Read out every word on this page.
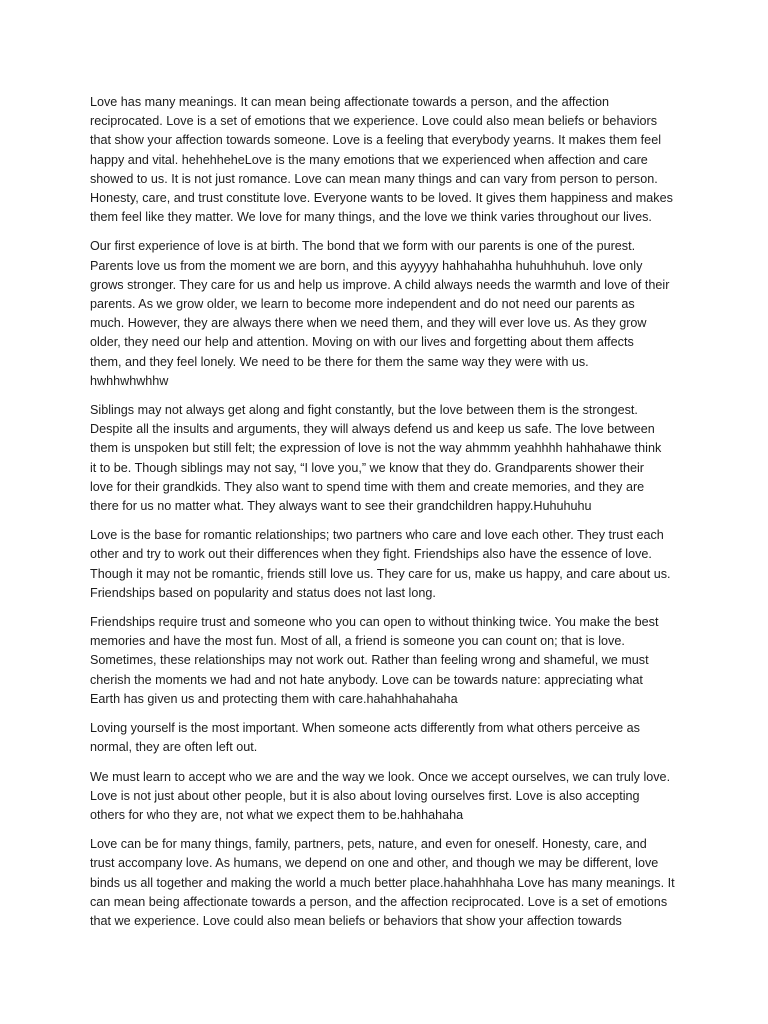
Love has many meanings. It can mean being affectionate towards a person, and the affection
reciprocated. Love is a set of emotions that we experience. Love could also mean beliefs or behaviors
that show your affection towards someone. Love is a feeling that everybody yearns. It makes them feel
happy and vital. hehehheheLove is the many emotions that we experienced when affection and care
showed to us. It is not just romance. Love can mean many things and can vary from person to person.
Honesty, care, and trust constitute love. Everyone wants to be loved. It gives them happiness and makes
them feel like they matter. We love for many things, and the love we think varies throughout our lives.

Our first experience of love is at birth. The bond that we form with our parents is one of the purest.
Parents love us from the moment we are born, and this ayyyyy hahhahahha huhuhhuhuh. love only
grows stronger. They care for us and help us improve. A child always needs the warmth and love of their
parents. As we grow older, we learn to become more independent and do not need our parents as
much. However, they are always there when we need them, and they will ever love us. As they grow
older, they need our help and attention. Moving on with our lives and forgetting about them affects
them, and they feel lonely. We need to be there for them the same way they were with us.
hwhhwhwhhw

Siblings may not always get along and fight constantly, but the love between them is the strongest.
Despite all the insults and arguments, they will always defend us and keep us safe. The love between
them is unspoken but still felt; the expression of love is not the way ahmmm yeahhhh hahhahawe think
it to be. Though siblings may not say, “I love you,” we know that they do. Grandparents shower their
love for their grandkids. They also want to spend time with them and create memories, and they are
there for us no matter what. They always want to see their grandchildren happy.Huhuhuhu

Love is the base for romantic relationships; two partners who care and love each other. They trust each
other and try to work out their differences when they fight. Friendships also have the essence of love.
Though it may not be romantic, friends still love us. They care for us, make us happy, and care about us.
Friendships based on popularity and status does not last long.

Friendships require trust and someone who you can open to without thinking twice. You make the best
memories and have the most fun. Most of all, a friend is someone you can count on; that is love.
Sometimes, these relationships may not work out. Rather than feeling wrong and shameful, we must
cherish the moments we had and not hate anybody. Love can be towards nature: appreciating what
Earth has given us and protecting them with care.hahahhahahaha

Loving yourself is the most important. When someone acts differently from what others perceive as
normal, they are often left out.

We must learn to accept who we are and the way we look. Once we accept ourselves, we can truly love.
Love is not just about other people, but it is also about loving ourselves first. Love is also accepting
others for who they are, not what we expect them to be.hahhahaha

Love can be for many things, family, partners, pets, nature, and even for oneself. Honesty, care, and
trust accompany love. As humans, we depend on one and other, and though we may be different, love
binds us all together and making the world a much better place.hahahhhaha Love has many meanings. It
can mean being affectionate towards a person, and the affection reciprocated. Love is a set of emotions
that we experience. Love could also mean beliefs or behaviors that show your affection towards
